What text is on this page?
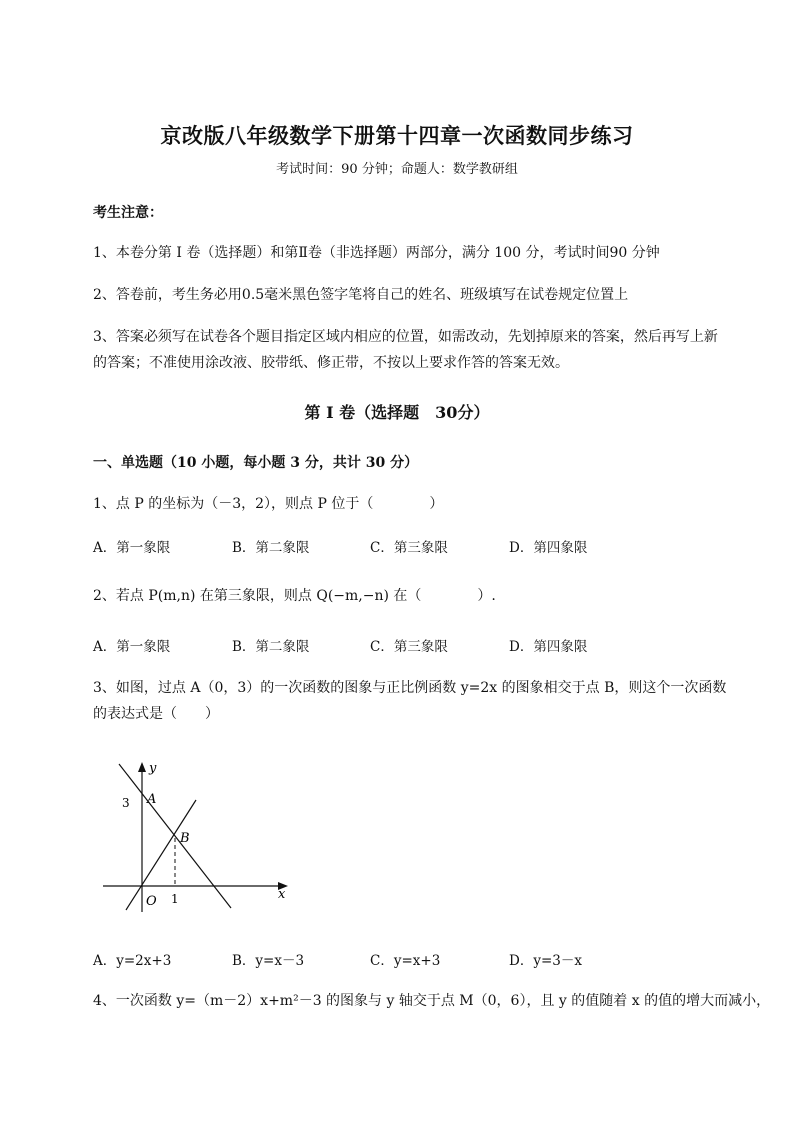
京改版八年级数学下册第十四章一次函数同步练习
考试时间：90 分钟；命题人：数学教研组
考生注意：
1、本卷分第 I 卷（选择题）和第Ⅱ卷（非选择题）两部分，满分 100 分，考试时间90 分钟
2、答卷前，考生务必用0.5毫米黑色签字笔将自己的姓名、班级填写在试卷规定位置上
3、答案必须写在试卷各个题目指定区域内相应的位置，如需改动，先划掉原来的答案，然后再写上新
的答案；不准使用涂改液、胶带纸、修正带，不按以上要求作答的答案无效。
第 I 卷（选择题　30分）
一、单选题（10 小题，每小题 3 分，共计 30 分）
1、点 P 的坐标为（－3，2），则点 P 位于（　　　　）
A．第一象限	B．第二象限	C．第三象限	D．第四象限
2、若点 P(m,n) 在第三象限，则点 Q(−m,−n) 在（　　　　）.
A．第一象限	B．第二象限	C．第三象限	D．第四象限
3、如图，过点 A（0，3）的一次函数的图象与正比例函数 y=2x 的图象相交于点 B，则这个一次函数
的表达式是（　　）
y
x
A
B
O
3
1
A．y=2x+3	B．y=x－3	C．y=x+3	D．y=3－x
4、一次函数 y=（m－2）x+m²－3 的图象与 y 轴交于点 M（0，6），且 y 的值随着 x 的值的增大而减小，
